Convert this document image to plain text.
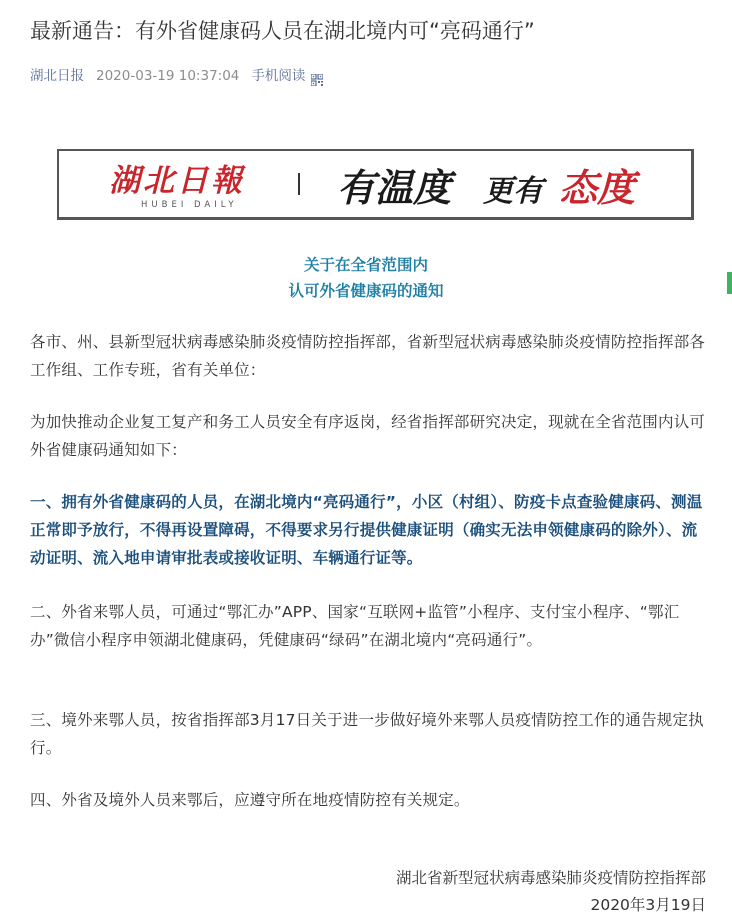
最新通告：有外省健康码人员在湖北境内可“亮码通行”
湖北日报 2020-03-19 10:37:04 手机阅读
湖北日報
HUBEI DAILY	有温度 更有 态度
关于在全省范围内
认可外省健康码的通知
各市、州、县新型冠状病毒感染肺炎疫情防控指挥部，省新型冠状病毒感染肺炎疫情防控指挥部各工作组、工作专班，省有关单位：
为加快推动企业复工复产和务工人员安全有序返岗，经省指挥部研究决定，现就在全省范围内认可外省健康码通知如下：
一、拥有外省健康码的人员，在湖北境内“亮码通行”，小区（村组）、防疫卡点查验健康码、测温正常即予放行，不得再设置障碍，不得要求另行提供健康证明（确实无法申领健康码的除外）、流动证明、流入地申请审批表或接收证明、车辆通行证等。
二、外省来鄂人员，可通过“鄂汇办”APP、国家“互联网+监管”小程序、支付宝小程序、“鄂汇办”微信小程序申领湖北健康码，凭健康码“绿码”在湖北境内“亮码通行”。
三、境外来鄂人员，按省指挥部3月17日关于进一步做好境外来鄂人员疫情防控工作的通告规定执行。
四、外省及境外人员来鄂后，应遵守所在地疫情防控有关规定。
湖北省新型冠状病毒感染肺炎疫情防控指挥部
2020年3月19日
